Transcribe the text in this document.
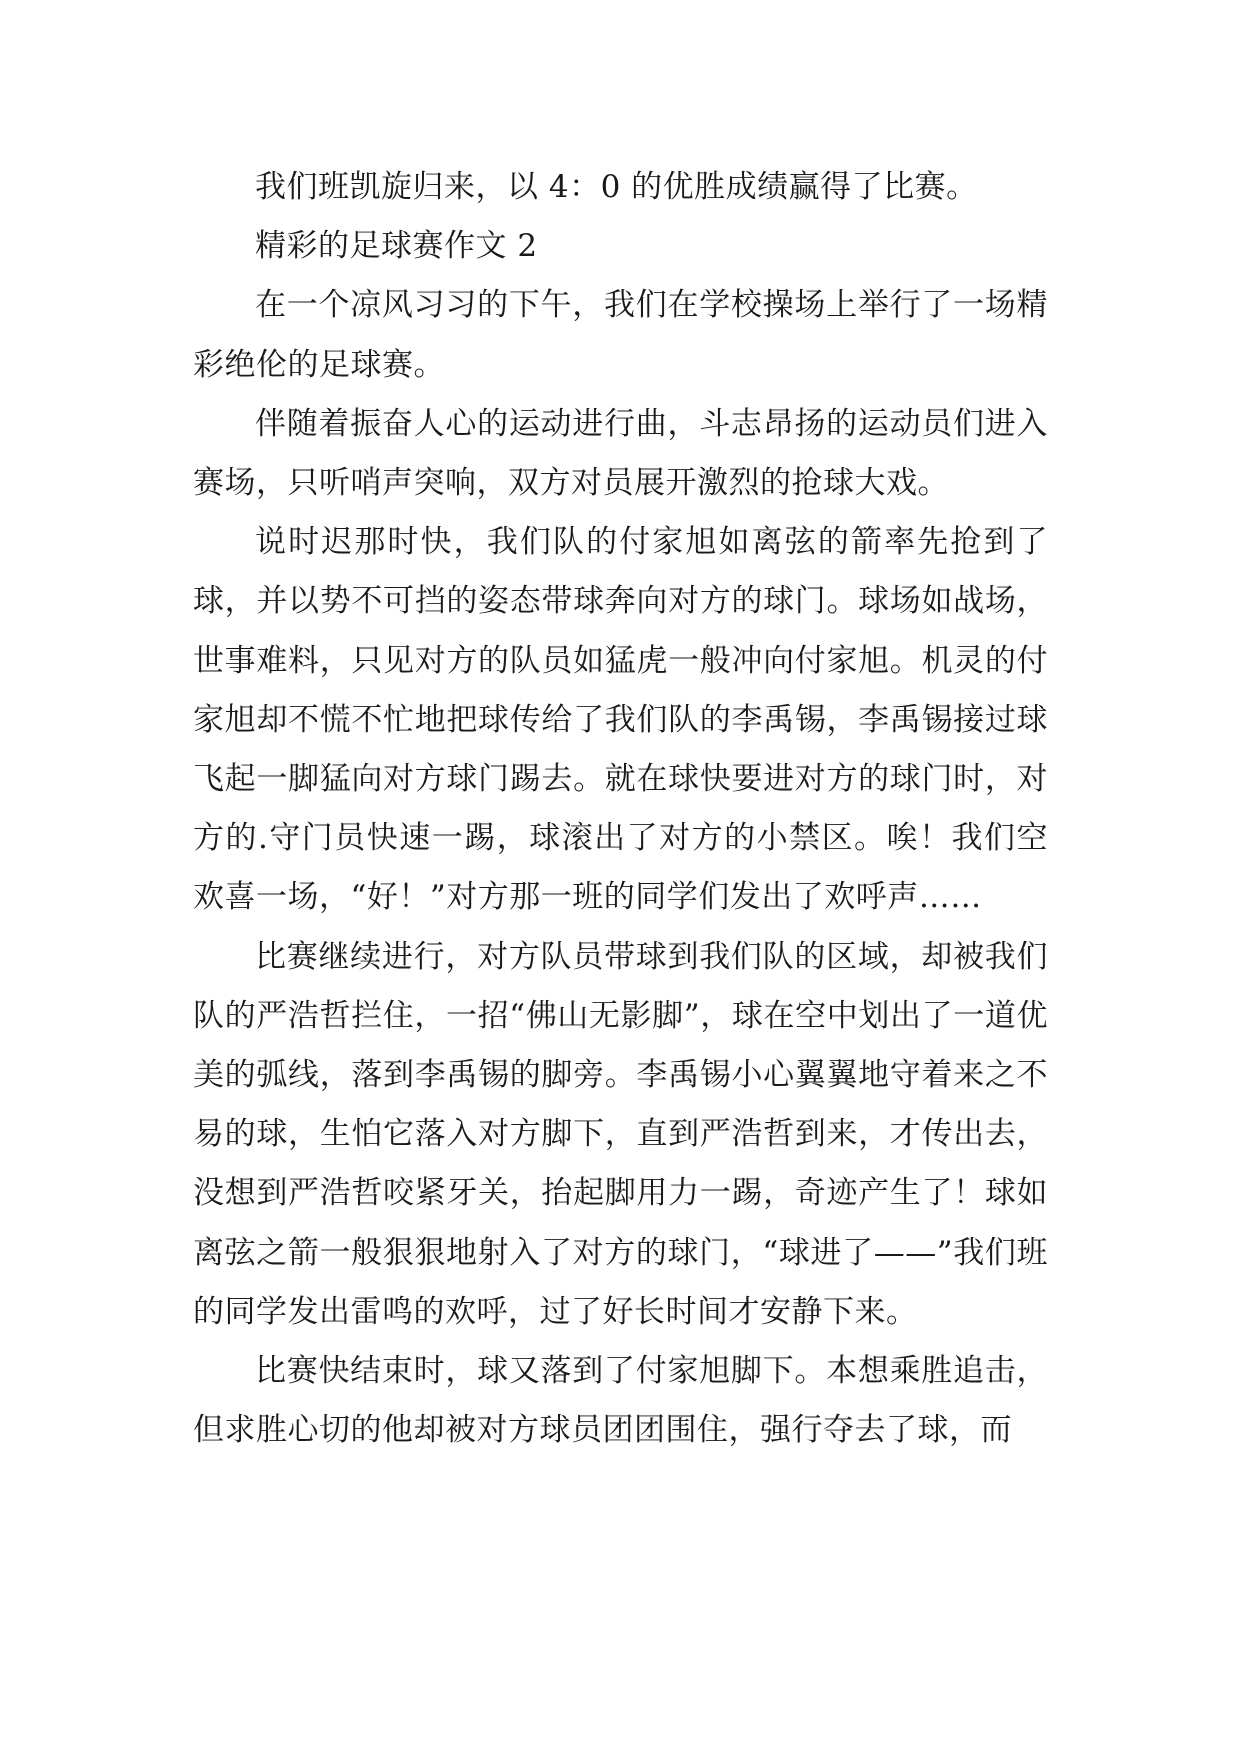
我们班凯旋归来，以 4：0 的优胜成绩赢得了比赛。

精彩的足球赛作文 2

在一个凉风习习的下午，我们在学校操场上举行了一场精彩绝伦的足球赛。

伴随着振奋人心的运动进行曲，斗志昂扬的运动员们进入赛场，只听哨声突响，双方对员展开激烈的抢球大戏。

说时迟那时快，我们队的付家旭如离弦的箭率先抢到了球，并以势不可挡的姿态带球奔向对方的球门。球场如战场，世事难料，只见对方的队员如猛虎一般冲向付家旭。机灵的付家旭却不慌不忙地把球传给了我们队的李禹锡，李禹锡接过球飞起一脚猛向对方球门踢去。就在球快要进对方的球门时，对方的.守门员快速一踢，球滚出了对方的小禁区。唉！我们空欢喜一场，“好！”对方那一班的同学们发出了欢呼声……

比赛继续进行，对方队员带球到我们队的区域，却被我们队的严浩哲拦住，一招“佛山无影脚”，球在空中划出了一道优美的弧线，落到李禹锡的脚旁。李禹锡小心翼翼地守着来之不易的球，生怕它落入对方脚下，直到严浩哲到来，才传出去，没想到严浩哲咬紧牙关，抬起脚用力一踢，奇迹产生了！球如离弦之箭一般狠狠地射入了对方的球门，“球进了——”我们班的同学发出雷鸣的欢呼，过了好长时间才安静下来。

比赛快结束时，球又落到了付家旭脚下。本想乘胜追击，但求胜心切的他却被对方球员团团围住，强行夺去了球，而
